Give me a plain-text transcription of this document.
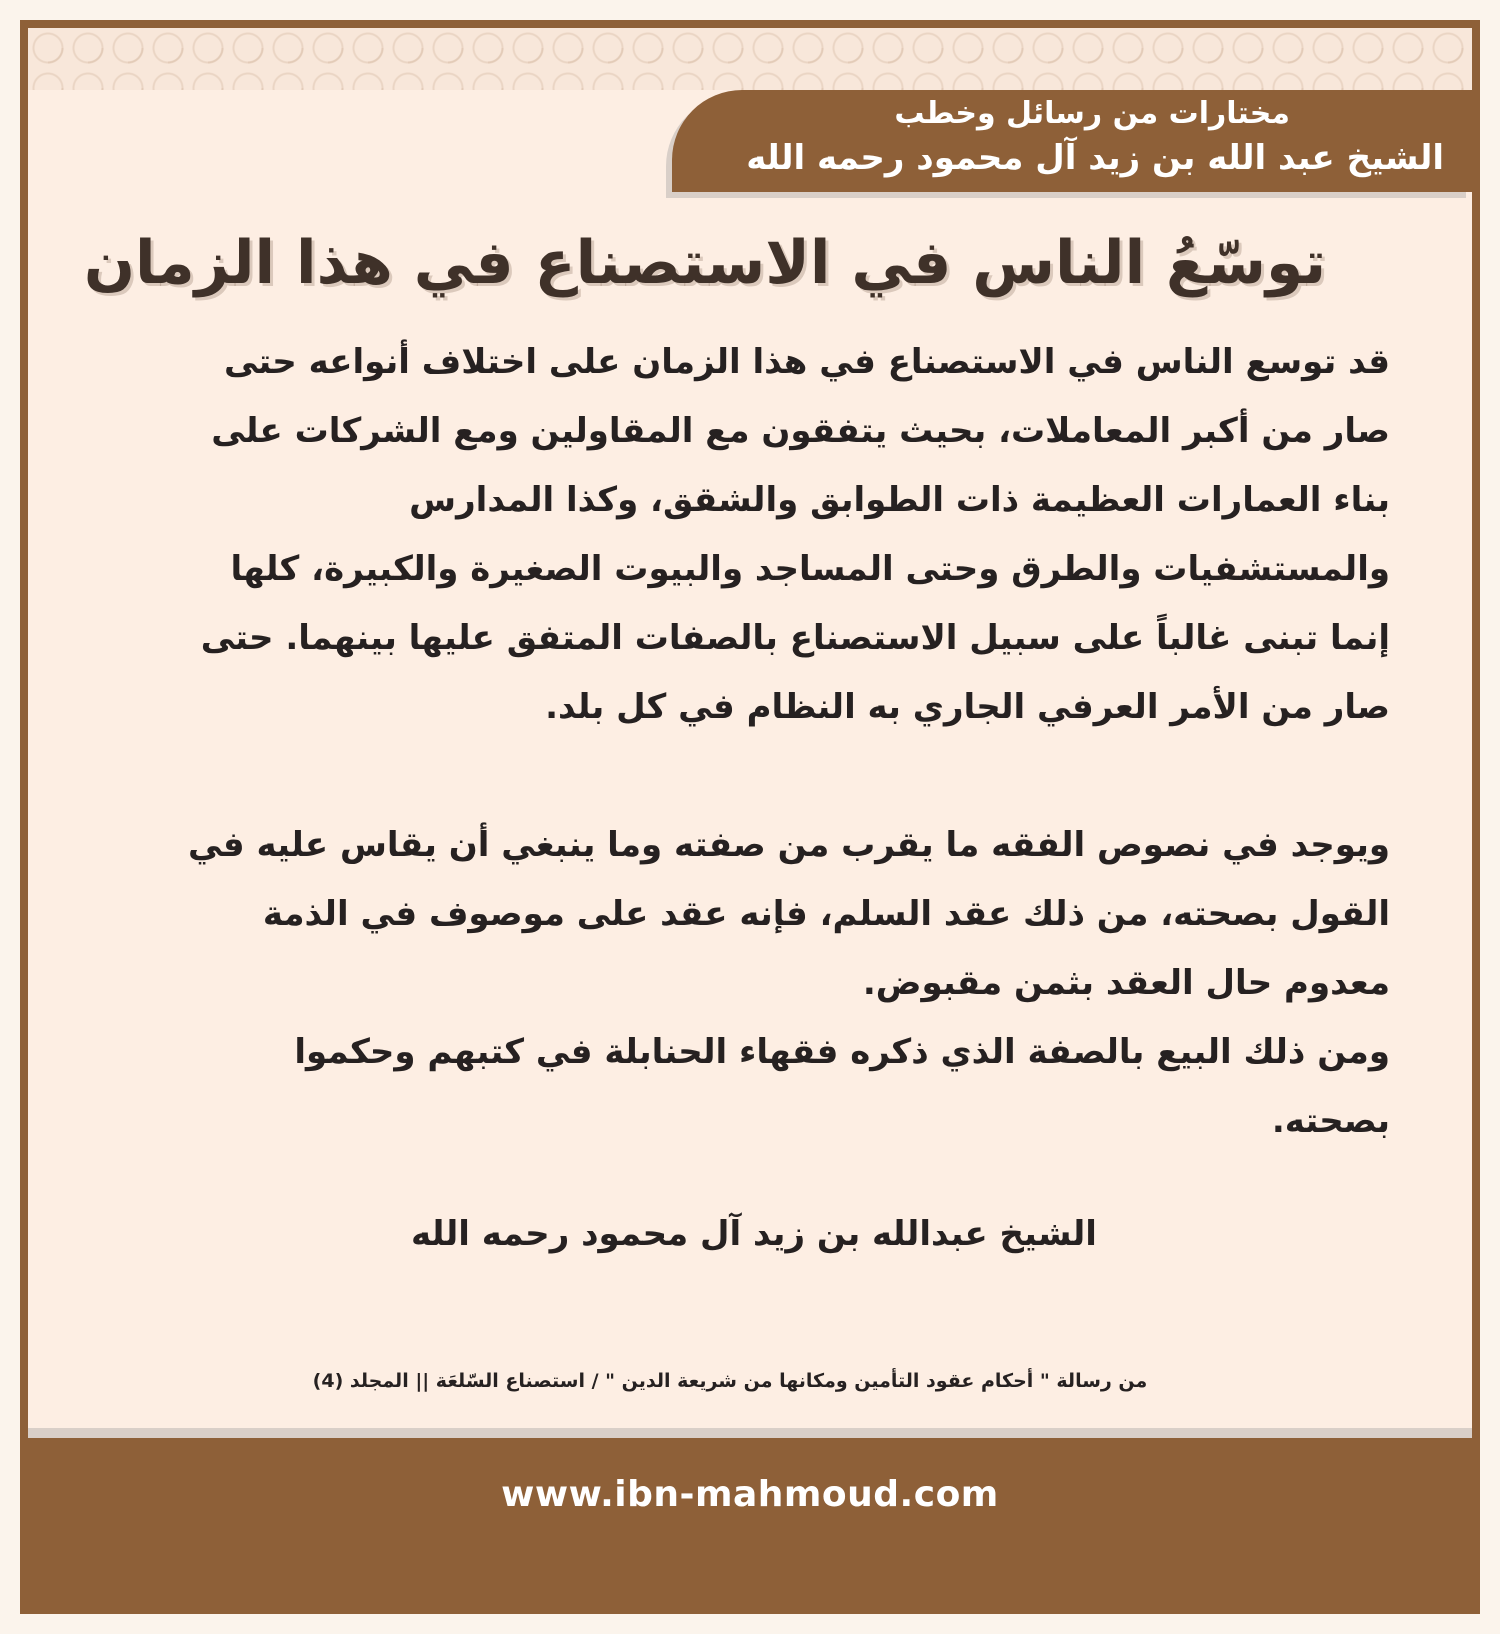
مختارات من رسائل وخطب
الشيخ عبد الله بن زيد آل محمود رحمه الله
توسّعُ الناس في الاستصناع في هذا الزمان

قد توسع الناس في الاستصناع في هذا الزمان على اختلاف أنواعه حتى صار من أكبر المعاملات، بحيث يتفقون مع المقاولين ومع الشركات على بناء العمارات العظيمة ذات الطوابق والشقق، وكذا المدارس والمستشفيات والطرق وحتى المساجد والبيوت الصغيرة والكبيرة، كلها إنما تبنى غالباً على سبيل الاستصناع بالصفات المتفق عليها بينهما. حتى صار من الأمر العرفي الجاري به النظام في كل بلد.

ويوجد في نصوص الفقه ما يقرب من صفته وما ينبغي أن يقاس عليه في القول بصحته، من ذلك عقد السلم، فإنه عقد على موصوف في الذمة معدوم حال العقد بثمن مقبوض.

ومن ذلك البيع بالصفة الذي ذكره فقهاء الحنابلة في كتبهم وحكموا بصحته.

الشيخ عبدالله بن زيد آل محمود رحمه الله
من رسالة " أحكام عقود التأمين ومكانها من شريعة الدين " / استصناع السّلعَة || المجلد (4)
www.ibn-mahmoud.com
